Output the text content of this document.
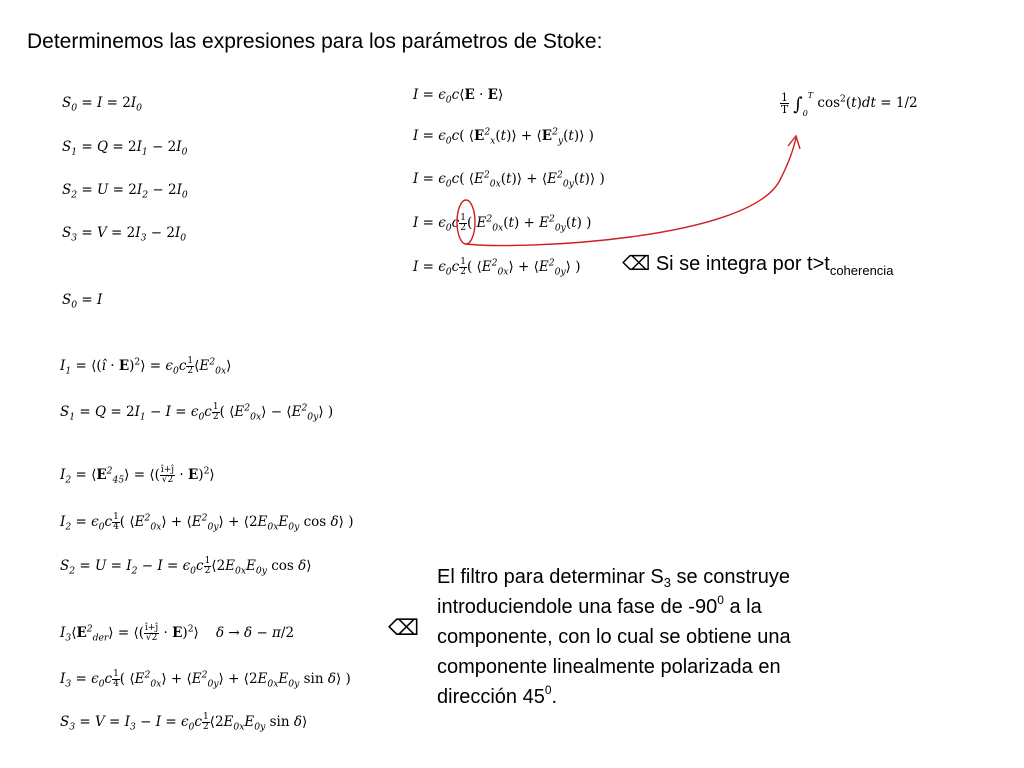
Determinemos las expresiones para los parámetros de Stoke:
$S_0 = I = 2I_0$
$S_1 = Q = 2I_1 - 2I_0$
$S_2 = U = 2I_2 - 2I_0$
$S_3 = V = 2I_3 - 2I_0$
$S_0 = I$
$I_1$ = ⟨(î · E)$^2$⟩ = $\epsilon_0c \frac{1}{2}$ $⟨E^2_{0x}⟩$
$S_1 = Q = 2I_1 - I = \epsilon_0c \frac{1}{2}$ ( $⟨E^2_{0x}⟩$ − $⟨E^2_{0y}⟩$ )
$I_2$ = $⟨E^2_{45}⟩$ = ⟨( $\frac{î+ĵ}{√2}$ · E)$^2$⟩
$I_2 = \epsilon_0c \frac{1}{4}$ ( $⟨E^2_{0x}⟩$ + $⟨E^2_{0y}⟩$ + $⟨2E_{0x}E_{0y}$ cos δ⟩ )
$S_2 = U = I_2 - I = \epsilon_0c \frac{1}{2}$ $⟨2E_{0x}E_{0y}$ cos δ⟩
$I_3⟨E^2_{der}⟩$ = ⟨( $\frac{î+ĵ}{√2}$ · E)$^2$⟩    δ → δ − π/2
$I_3 = \epsilon_0c \frac{1}{4}$ ( $⟨E^2_{0x}⟩$ + $⟨E^2_{0y}⟩$ + $⟨2E_{0x}E_{0y}$ sin δ⟩ )
$S_3 = V = I_3 - I = \epsilon_0c \frac{1}{2}$ $⟨2E_{0x}E_{0y}$ sin δ⟩
$I = \epsilon_0c⟨E$ · E⟩
$I = \epsilon_0c$( $⟨E^2_x(t)⟩$ + $⟨E^2_y(t)⟩$ )
$I = \epsilon_0c$( $⟨E^2_{0x}(t)⟩$ + $⟨E^2_{0y}(t)⟩$ )
$I = \epsilon_0c \frac{1}{2}$ ( $E^2_{0x}(t) + E^2_{0y}(t)$ )
$I = \epsilon_0c \frac{1}{2}$ ( $⟨E^2_{0x}⟩$ + $⟨E^2_{0y}⟩$ )
$\frac{1}{T} \int_0^T$ $\cos^2(t)dt = 1/2$
⌫ Si se integra por $t>t_{coherencia}$
⌫
El filtro para determinar $S_3$ se construye
introduciendole una fase de $-90^0$ a la
componente, con lo cual se obtiene una
componente linealmente polarizada en
dirección $45^0$.
